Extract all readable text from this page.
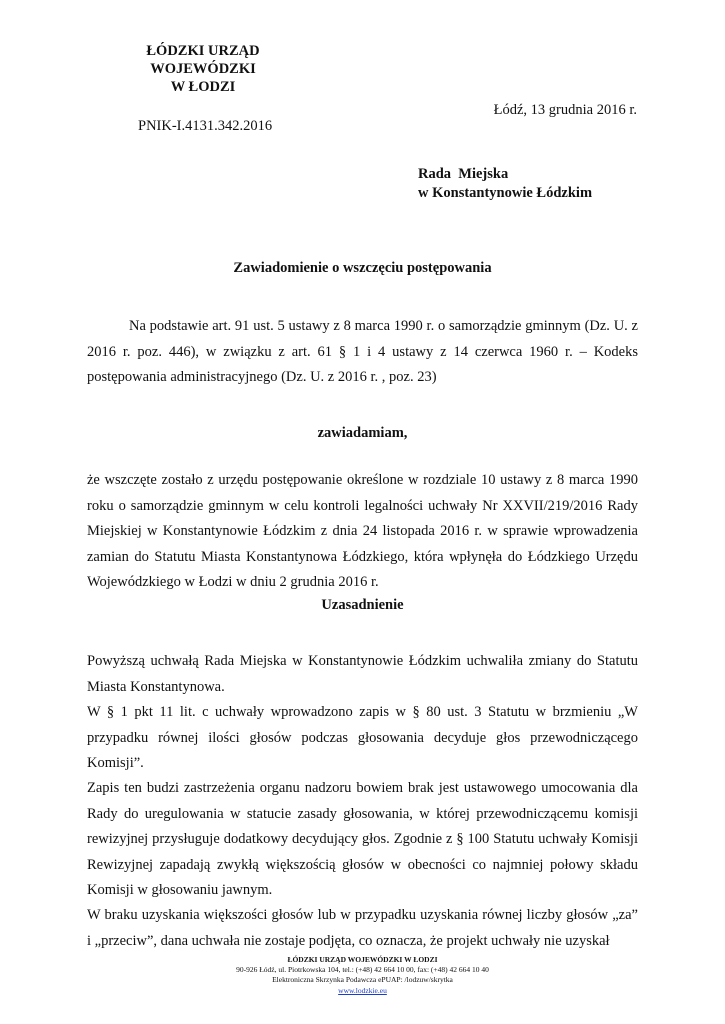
ŁÓDZKI URZĄD WOJEWÓDZKI
W ŁODZI
Łódź, 13 grudnia 2016 r.
PNIK-I.4131.342.2016
Rada  Miejska
w Konstantynowie Łódzkim
Zawiadomienie o wszczęciu postępowania

Na podstawie art. 91 ust. 5 ustawy z 8 marca 1990 r. o samorządzie gminnym (Dz. U. z 2016 r. poz. 446), w związku z art. 61 § 1 i 4 ustawy z 14 czerwca 1960 r. – Kodeks postępowania administracyjnego (Dz. U. z 2016 r. , poz. 23)

zawiadamiam,

że wszczęte zostało z urzędu postępowanie określone w rozdziale 10 ustawy z 8 marca 1990 roku o samorządzie gminnym w celu kontroli legalności uchwały Nr XXVII/219/2016 Rady Miejskiej w Konstantynowie Łódzkim z dnia 24 listopada 2016 r. w sprawie wprowadzenia zamian do Statutu Miasta Konstantynowa Łódzkiego, która wpłynęła do Łódzkiego Urzędu Wojewódzkiego w Łodzi w dniu 2 grudnia 2016 r.

Uzasadnienie

Powyższą uchwałą Rada Miejska w Konstantynowie Łódzkim uchwaliła zmiany do Statutu Miasta Konstantynowa.

W § 1 pkt 11 lit. c uchwały wprowadzono zapis w § 80 ust. 3 Statutu w brzmieniu „W przypadku równej ilości głosów podczas głosowania decyduje głos przewodniczącego Komisji”.

Zapis ten budzi zastrzeżenia organu nadzoru bowiem brak jest ustawowego umocowania dla Rady do uregulowania w statucie zasady głosowania, w której przewodniczącemu komisji rewizyjnej przysługuje dodatkowy decydujący głos. Zgodnie z § 100 Statutu uchwały Komisji Rewizyjnej zapadają zwykłą większością głosów w obecności co najmniej połowy składu Komisji w głosowaniu jawnym.

W braku uzyskania większości głosów lub w przypadku uzyskania równej liczby głosów „za” i „przeciw”, dana uchwała nie zostaje podjęta, co oznacza, że projekt uchwały nie uzyskał

ŁÓDZKI URZĄD WOJEWÓDZKI W ŁODZI
90-926 Łódź, ul. Piotrkowska 104, tel.: (+48) 42 664 10 00, fax: (+48) 42 664 10 40
Elektroniczna Skrzynka Podawcza ePUAP: /lodzuw/skrytka
www.lodzkie.eu
